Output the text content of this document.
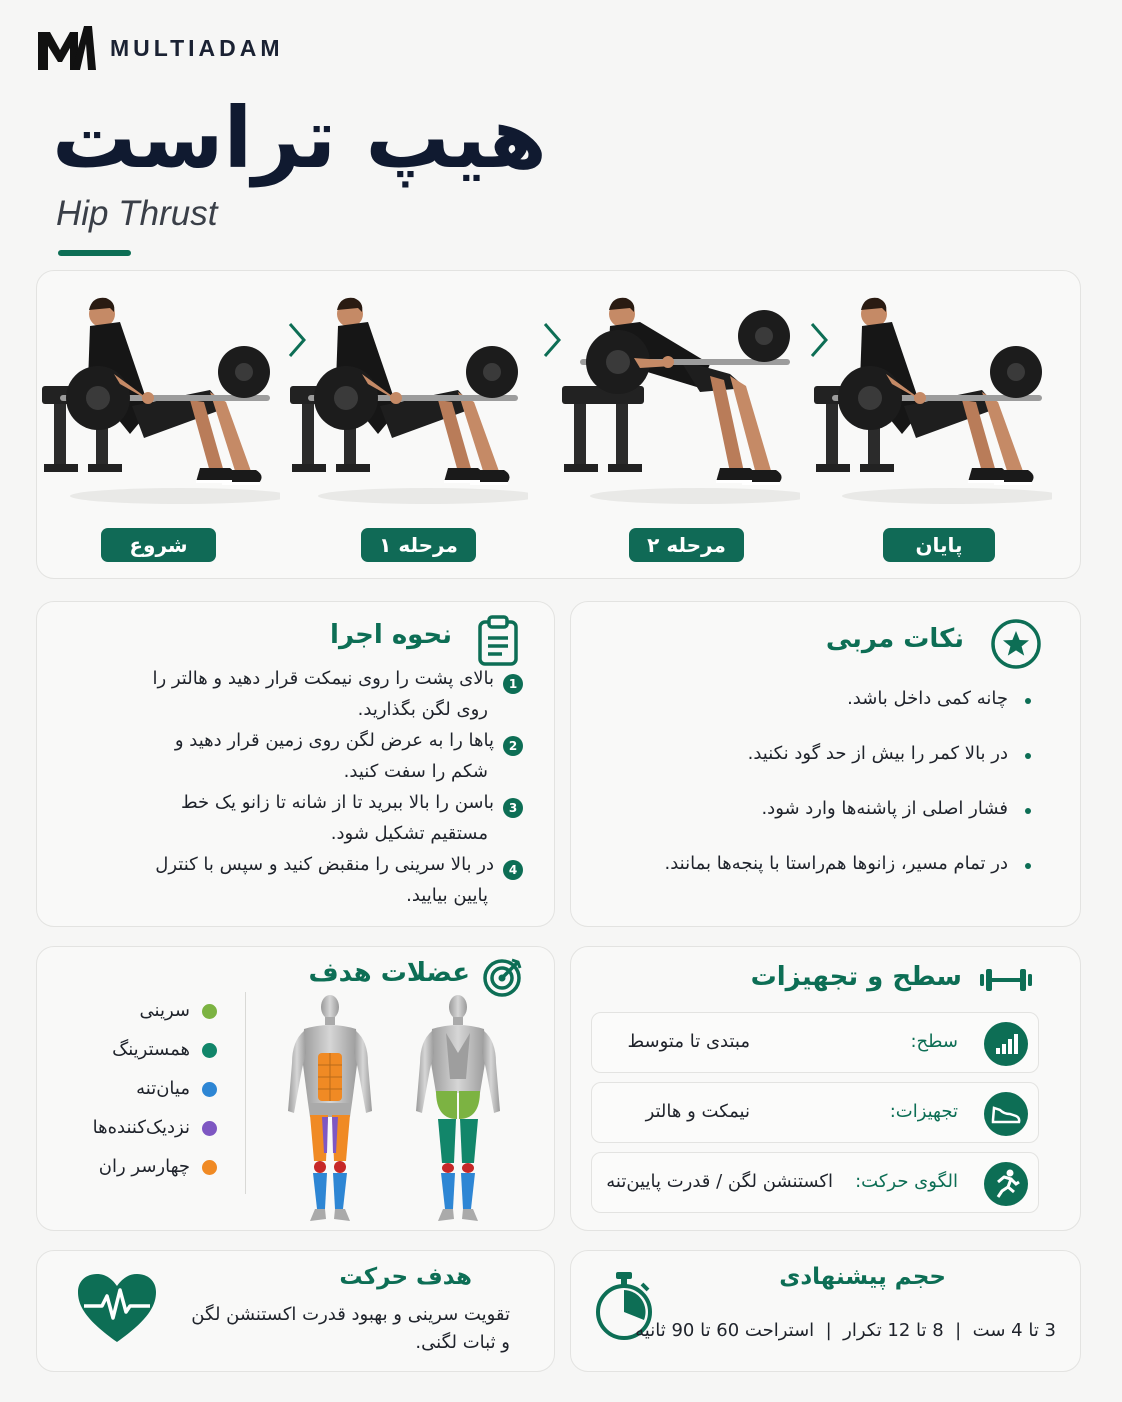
MULTIADAM
هیپ تراست
Hip Thrust
شروع	مرحله ۱	مرحله ۲	پایان
نحوه اجرا
1
بالای پشت را روی نیمکت قرار دهید و هالتر را
روی لگن بگذارید.
2
پاها را به عرض لگن روی زمین قرار دهید و
شکم را سفت کنید.
3
باسن را بالا ببرید تا از شانه تا زانو یک خط
مستقیم تشکیل شود.
4
در بالا سرینی را منقبض کنید و سپس با کنترل
پایین بیایید.
نکات مربی
چانه کمی داخل باشد.
در بالا کمر را بیش از حد گود نکنید.
فشار اصلی از پاشنه‌ها وارد شود.
در تمام مسیر، زانوها هم‌راستا با پنجه‌ها بمانند.
عضلات هدف
سرینی
همسترینگ
میان‌تنه
نزدیک‌کننده‌ها
چهارسر ران
سطح و تجهیزات
سطح:
مبتدی تا متوسط
تجهیزات:
نیمکت و هالتر
الگوی حرکت:
اکستنشن لگن / قدرت پایین‌تنه
هدف حرکت
تقویت سرینی و بهبود قدرت اکستنشن لگن
و ثبات لگنی.
حجم پیشنهادی
3 تا 4 ست  |  8 تا 12 تکرار  |  استراحت 60 تا 90 ثانیه
